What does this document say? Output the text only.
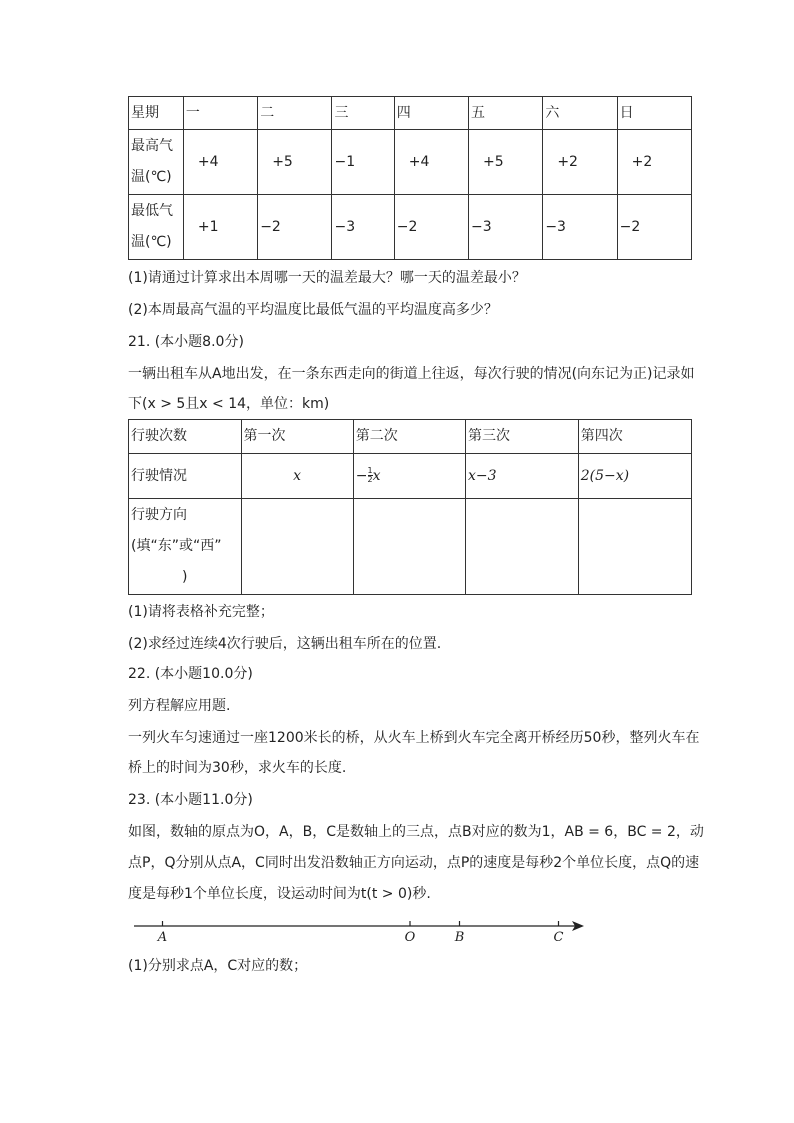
星期	一	二	三	四	五	六	日

最高气
温(℃)	+4	+5	−1	+4	+5	+2	+2

最低气
温(℃)	+1	−2	−3	−2	−3	−3	−2
(1)请通过计算求出本周哪一天的温差最大？哪一天的温差最小？
(2)本周最高气温的平均温度比最低气温的平均温度高多少？
21. (本小题8.0分)
一辆出租车从A地出发，在一条东西走向的街道上往返，每次行驶的情况(向东记为正)记录如
下(x > 5且x < 14，单位：km)
行驶次数	第一次	第二次	第三次	第四次
行驶情况	x	− $\frac{1}{2}$ x	x−3	2(5−x)

行驶方向
(填“东”或“西”
)				

(1)请将表格补充完整；
(2)求经过连续4次行驶后，这辆出租车所在的位置.
22. (本小题10.0分)
列方程解应用题.
一列火车匀速通过一座1200米长的桥，从火车上桥到火车完全离开桥经历50秒，整列火车在
桥上的时间为30秒，求火车的长度.
23. (本小题11.0分)
如图，数轴的原点为O，A，B，C是数轴上的三点，点B对应的数为1，AB = 6，BC = 2，动
点P，Q分别从点A，C同时出发沿数轴正方向运动，点P的速度是每秒2个单位长度，点Q的速
度是每秒1个单位长度，设运动时间为t(t > 0)秒.
A	O	B	C
(1)分别求点A，C对应的数；
